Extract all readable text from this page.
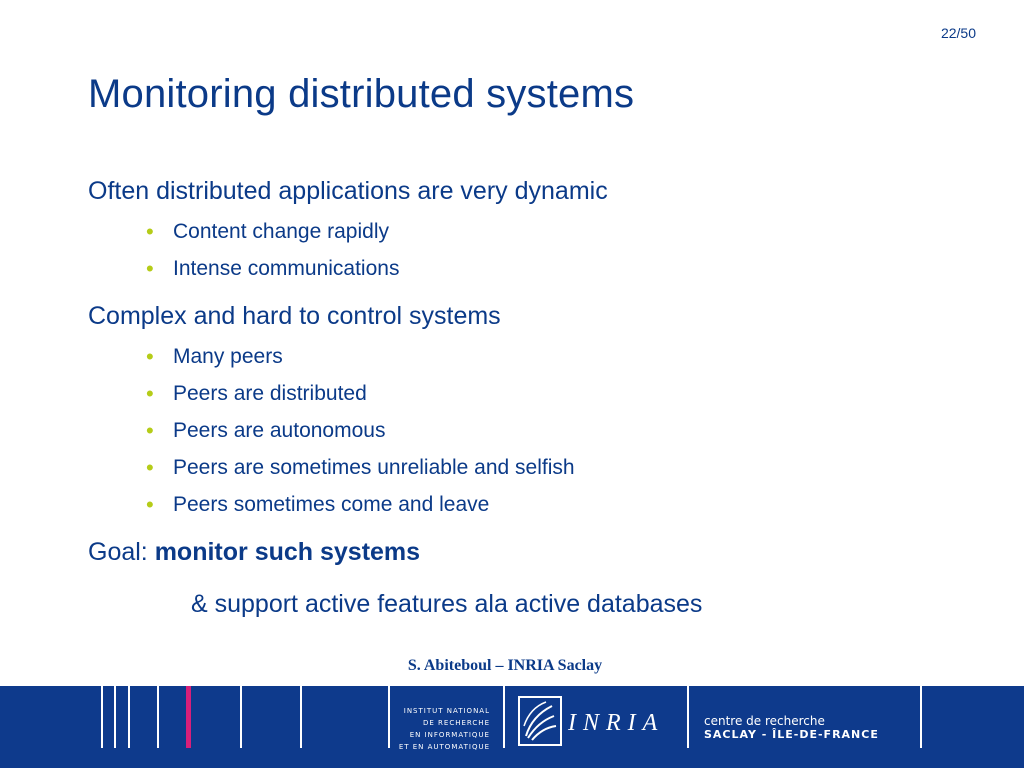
22/50
Monitoring distributed systems

Often distributed applications are very dynamic

• Content change rapidly
• Intense communications

Complex and hard to control systems

• Many peers
• Peers are distributed
• Peers are autonomous
• Peers are sometimes unreliable and selfish
• Peers sometimes come and leave

Goal: monitor such systems

& support active features ala active databases

S. Abiteboul – INRIA Saclay
INSTITUT NATIONAL
DE RECHERCHE
EN INFORMATIQUE
ET EN AUTOMATIQUE
INRIA	centre de recherche
SACLAY - ÎLE-DE-FRANCE
